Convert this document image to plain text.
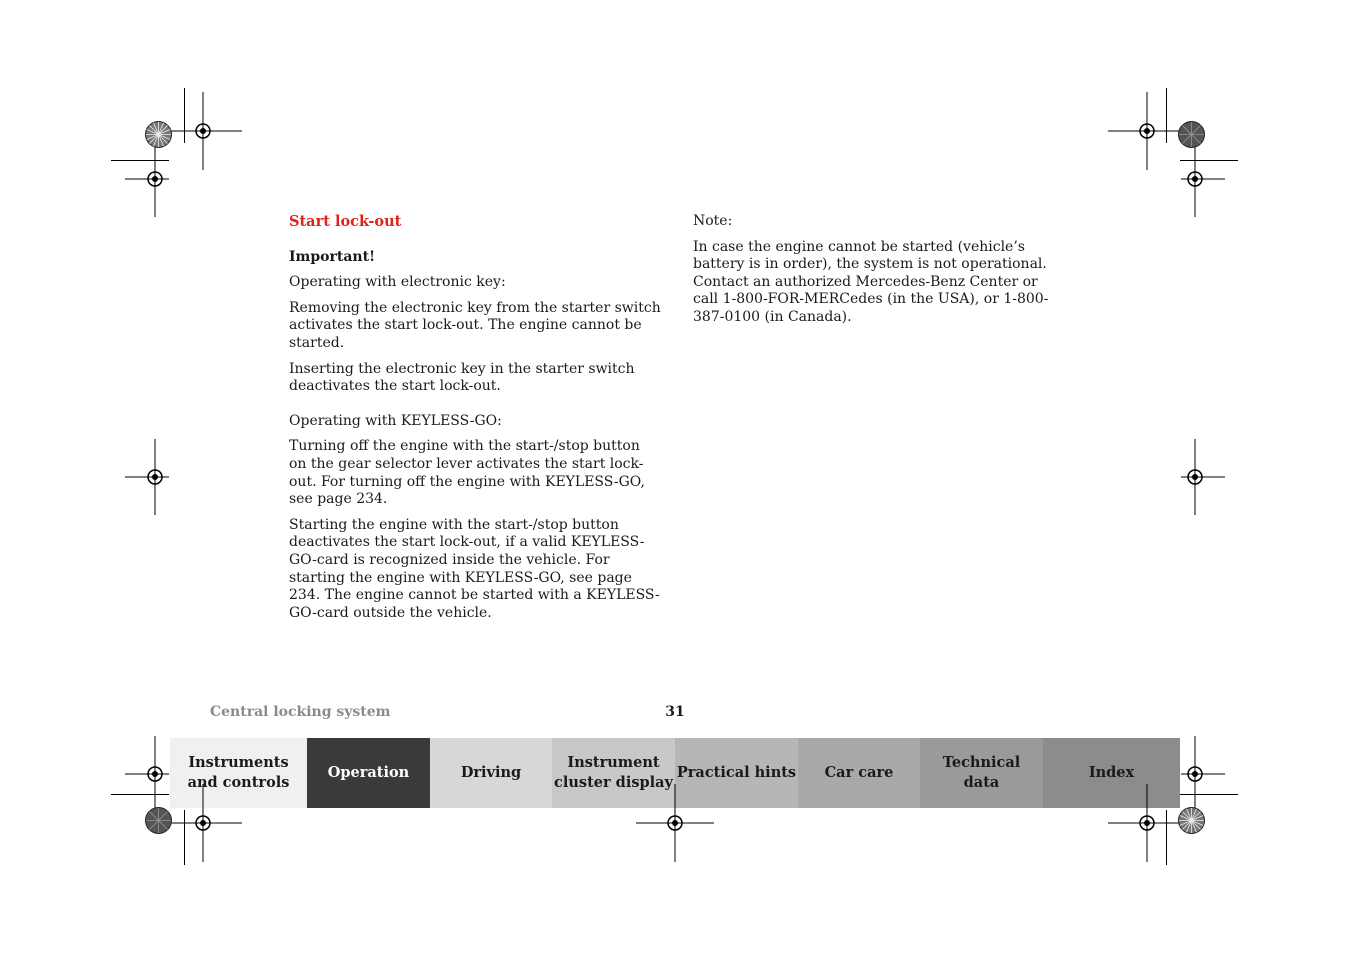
Start lock-out

Important!

Operating with electronic key:

Removing the electronic key from the starter switch activates the start lock-out. The engine cannot be started.

Inserting the electronic key in the starter switch deactivates the start lock-out.

Operating with KEYLESS-GO:

Turning off the engine with the start-/stop button on the gear selector lever activates the start lock-out. For turning off the engine with KEYLESS-GO, see page 234.

Starting the engine with the start-/stop button deactivates the start lock-out, if a valid KEYLESS-GO-card is recognized inside the vehicle. For starting the engine with KEYLESS-GO, see page 234. The engine cannot be started with a KEYLESS-GO-card outside the vehicle.

Note:

In case the engine cannot be started (vehicle’s battery is in order), the system is not operational. Contact an authorized Mercedes-Benz Center or call 1-800-FOR-MERCedes (in the USA), or 1-800-387-0100 (in Canada).

Central locking system	31
Instruments
and controls
Operation	Driving
Instrument
cluster display
Practical hints Car care
Technical
data
Index
